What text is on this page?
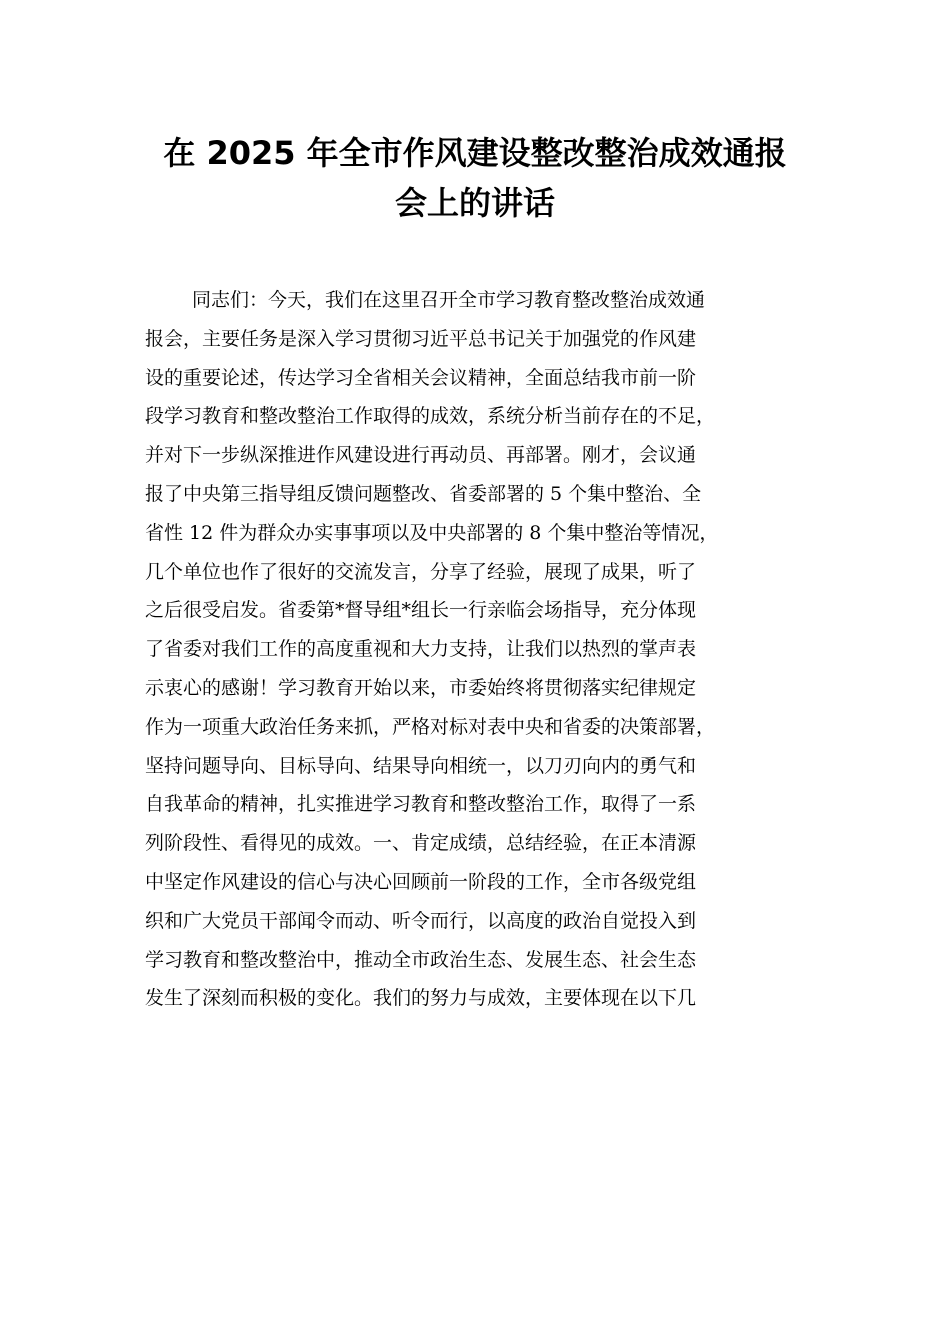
在 2025 年全市作风建设整改整治成效通报
会上的讲话
同志们：今天，我们在这里召开全市学习教育整改整治成效通
报会，主要任务是深入学习贯彻习近平总书记关于加强党的作风建
设的重要论述，传达学习全省相关会议精神，全面总结我市前一阶
段学习教育和整改整治工作取得的成效，系统分析当前存在的不足，
并对下一步纵深推进作风建设进行再动员、再部署。刚才，会议通
报了中央第三指导组反馈问题整改、省委部署的 5 个集中整治、全
省性 12 件为群众办实事事项以及中央部署的 8 个集中整治等情况，
几个单位也作了很好的交流发言，分享了经验，展现了成果，听了
之后很受启发。省委第*督导组*组长一行亲临会场指导，充分体现
了省委对我们工作的高度重视和大力支持，让我们以热烈的掌声表
示衷心的感谢！学习教育开始以来，市委始终将贯彻落实纪律规定
作为一项重大政治任务来抓，严格对标对表中央和省委的决策部署，
坚持问题导向、目标导向、结果导向相统一，以刀刃向内的勇气和
自我革命的精神，扎实推进学习教育和整改整治工作，取得了一系
列阶段性、看得见的成效。一、肯定成绩，总结经验，在正本清源
中坚定作风建设的信心与决心回顾前一阶段的工作，全市各级党组
织和广大党员干部闻令而动、听令而行，以高度的政治自觉投入到
学习教育和整改整治中，推动全市政治生态、发展生态、社会生态
发生了深刻而积极的变化。我们的努力与成效，主要体现在以下几
